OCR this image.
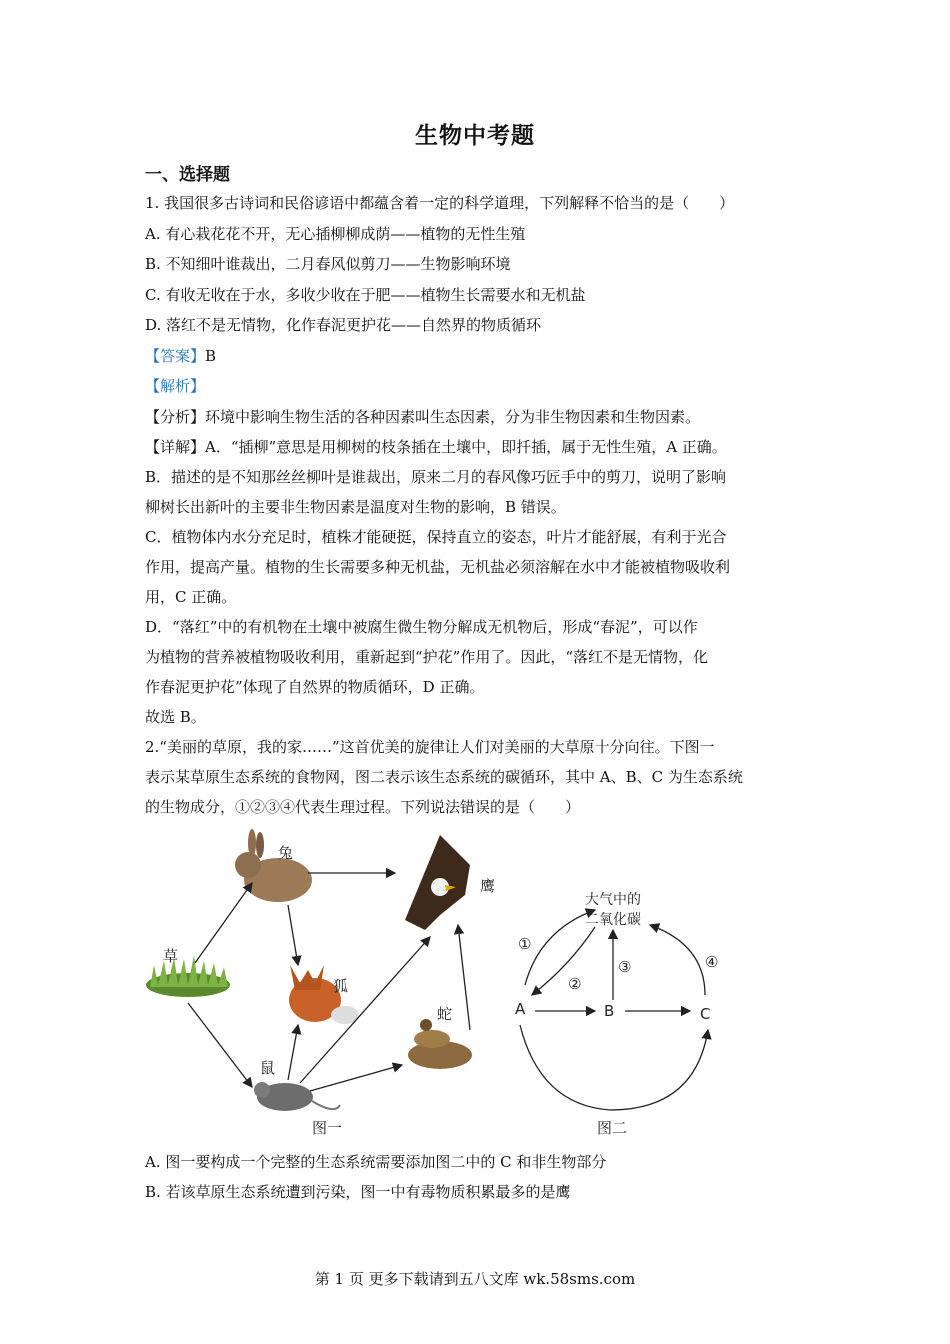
生物中考题
一、选择题
1. 我国很多古诗词和民俗谚语中都蕴含着一定的科学道理，下列解释不恰当的是（　　）
A. 有心栽花花不开，无心插柳柳成荫——植物的无性生殖
B. 不知细叶谁裁出，二月春风似剪刀——生物影响环境
C. 有收无收在于水，多收少收在于肥——植物生长需要水和无机盐
D. 落红不是无情物，化作春泥更护花——自然界的物质循环
【答案】B
【解析】
【分析】环境中影响生物生活的各种因素叫生态因素，分为非生物因素和生物因素。
【详解】A．“插柳”意思是用柳树的枝条插在土壤中，即扦插，属于无性生殖，A 正确。
B．描述的是不知那丝丝柳叶是谁裁出，原来二月的春风像巧匠手中的剪刀，说明了影响
柳树长出新叶的主要非生物因素是温度对生物的影响，B 错误。
C．植物体内水分充足时，植株才能硬挺，保持直立的姿态，叶片才能舒展，有利于光合
作用，提高产量。植物的生长需要多种无机盐，无机盐必须溶解在水中才能被植物吸收利
用，C 正确。
D．“落红”中的有机物在土壤中被腐生微生物分解成无机物后，形成“春泥”，可以作
为植物的营养被植物吸收利用，重新起到“护花”作用了。因此，“落红不是无情物，化
作春泥更护花”体现了自然界的物质循环，D 正确。
故选 B。
2.“美丽的草原，我的家……”这首优美的旋律让人们对美丽的大草原十分向往。下图一
表示某草原生态系统的食物网，图二表示该生态系统的碳循环，其中 A、B、C 为生态系统
的生物成分，①②③④代表生理过程。下列说法错误的是（　　）
兔
鹰
草
狐
蛇
鼠
图一
大气中的
二氧化碳
A	B	C
①
②
③	④
图二
A. 图一要构成一个完整的生态系统需要添加图二中的 C 和非生物部分
B. 若该草原生态系统遭到污染，图一中有毒物质积累最多的是鹰
第 1 页 更多下载请到五八文库 wk.58sms.com
